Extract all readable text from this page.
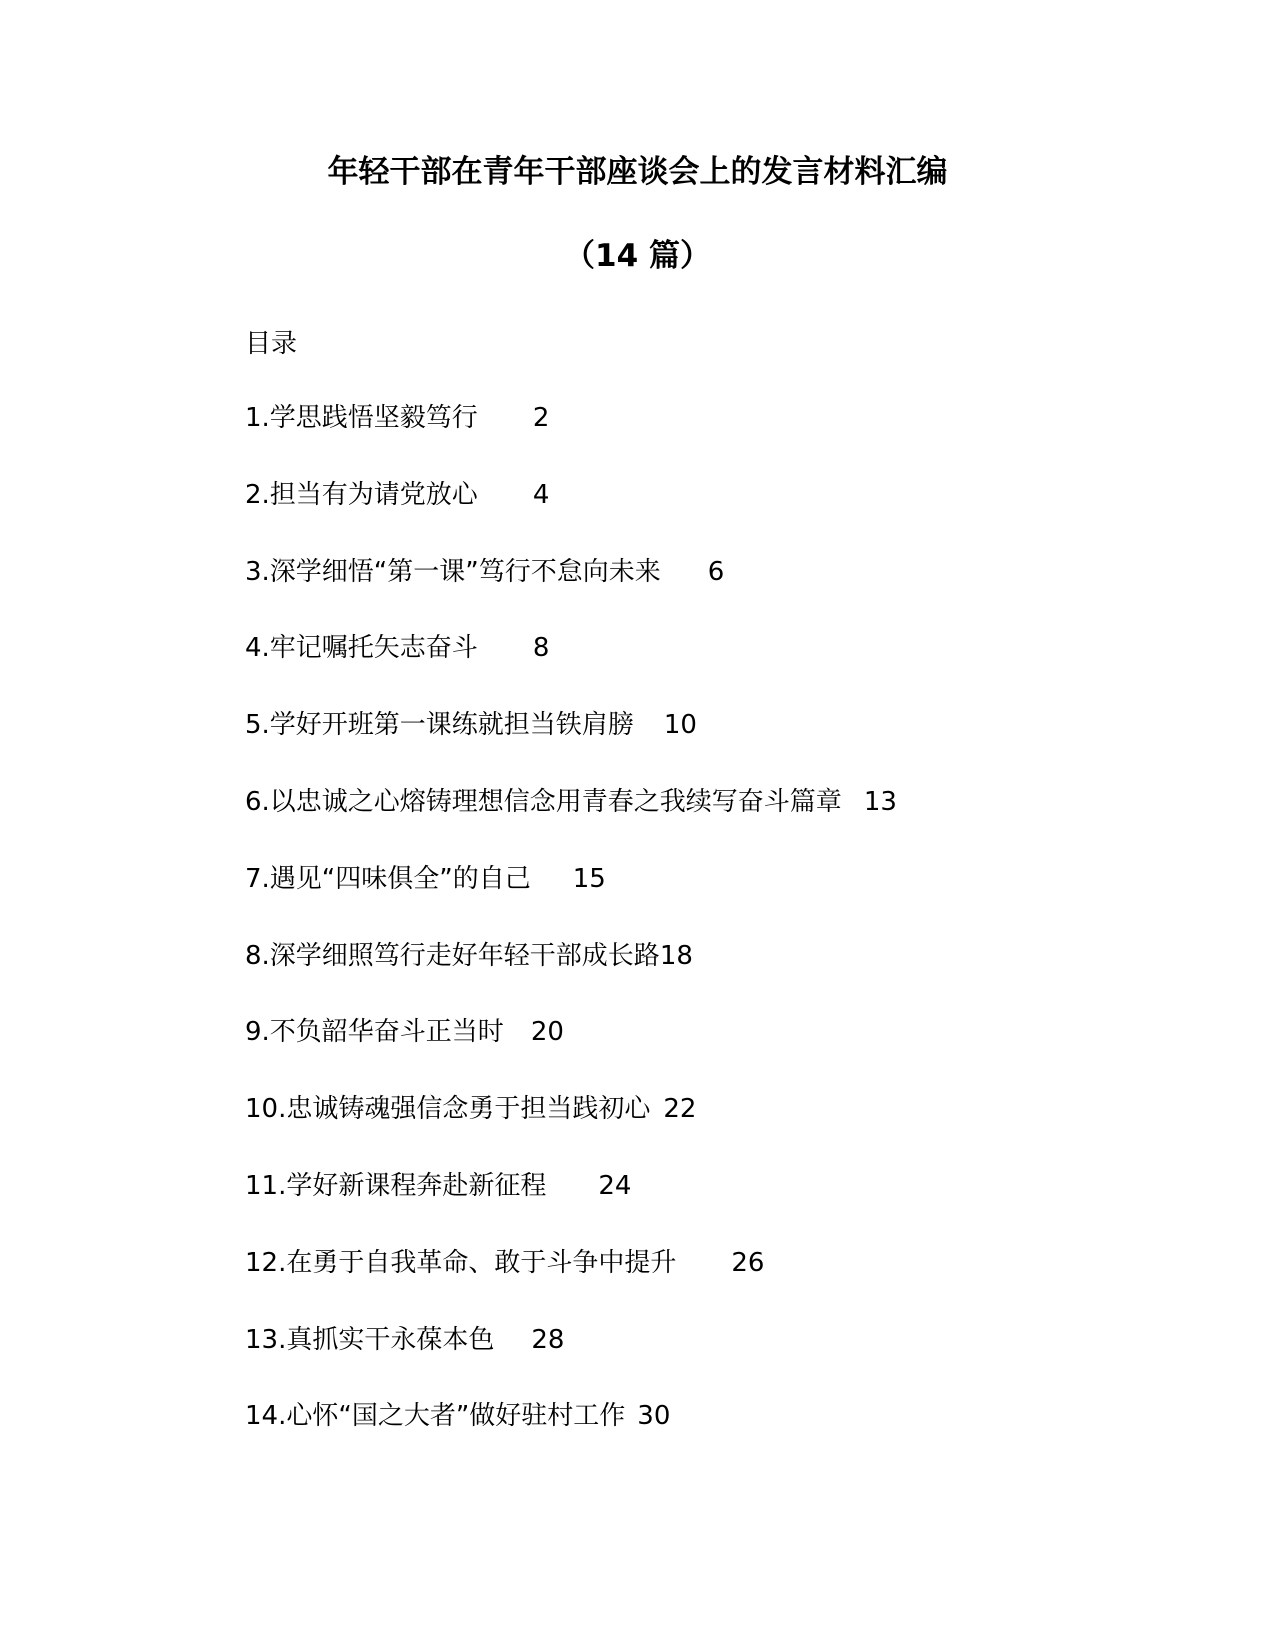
年轻干部在青年干部座谈会上的发言材料汇编
（14 篇）
目录
1.学思践悟坚毅笃行 2
2.担当有为请党放心 4
3.深学细悟“第一课”笃行不怠向未来 6
4.牢记嘱托矢志奋斗 8
5.学好开班第一课练就担当铁肩膀 10
6.以忠诚之心熔铸理想信念用青春之我续写奋斗篇章 13
7.遇见“四味俱全”的自己 15
8.深学细照笃行走好年轻干部成长路18
9.不负韶华奋斗正当时 20
10.忠诚铸魂强信念勇于担当践初心 22
11.学好新课程奔赴新征程 24
12.在勇于自我革命、敢于斗争中提升 26
13.真抓实干永葆本色 28
14.心怀“国之大者”做好驻村工作 30
